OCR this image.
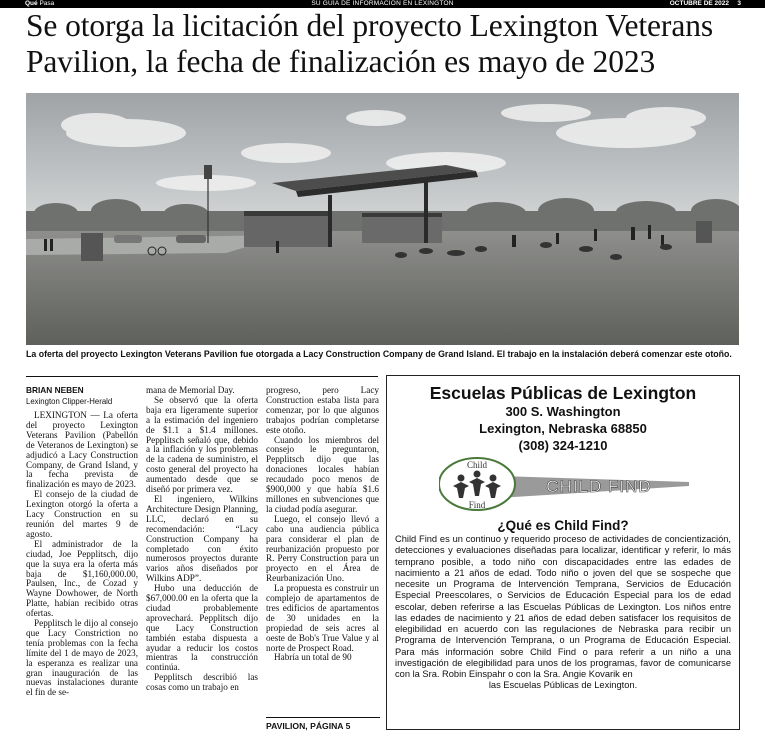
Qué Pasa	SU GUÍA DE INFORMACIÓN EN LEXINGTON	OCTUBRE DE 2022 3
Se otorga la licitación del proyecto Lexington Veterans
Pavilion, la fecha de finalización es mayo de 2023
La oferta del proyecto Lexington Veterans Pavilion fue otorgada a Lacy Construction Company de Grand Island. El trabajo en la instalación deberá comenzar este otoño.
BRIAN NEBEN
Lexington Clipper-Herald

LEXINGTON — La oferta del proyecto Lexington Veterans Pavilion (Pabellón de Veteranos de Lexington) se adjudicó a Lacy Construction Company, de Grand Island, y la fecha prevista de finalización es mayo de 2023.

El consejo de la ciudad de Lexington otorgó la oferta a Lacy Construction en su reunión del martes 9 de agosto.

El administrador de la ciudad, Joe Pepplitsch, dijo que la suya era la oferta más baja de $1,160,000.00, Paulsen, Inc., de Cozad y Wayne Dowhower, de North Platte, habían recibido otras ofertas.

Pepplitsch le dijo al consejo que Lacy Constriction no tenía problemas con la fecha límite del 1 de mayo de 2023, la esperanza es realizar una gran inauguración de las nuevas instalaciones durante el fin de se-

mana de Memorial Day.

Se observó que la oferta baja era ligeramente superior a la estimación del ingeniero de $1.1 a $1.4 millones. Pepplitsch señaló que, debido a la inflación y los problemas de la cadena de suministro, el costo general del proyecto ha aumentado desde que se diseñó por primera vez.

El ingeniero, Wilkins Architecture Design Planning, LLC, declaró en su recomendación: “Lacy Construction Company ha completado con éxito numerosos proyectos durante varios años diseñados por Wilkins ADP”.

Hubo una deducción de $67,000.00 en la oferta que la ciudad probablemente aprovechará. Pepplitsch dijo que Lacy Construction también estaba dispuesta a ayudar a reducir los costos mientras la construcción continúa.

Pepplitsch describió las cosas como un trabajo en

progreso, pero Lacy Construction estaba lista para comenzar, por lo que algunos trabajos podrían completarse este otoño.

Cuando los miembros del consejo le preguntaron, Pepplitsch dijo que las donaciones locales habían recaudado poco menos de $900,000 y que había $1.6 millones en subvenciones que la ciudad podía asegurar.

Luego, el consejo llevó a cabo una audiencia pública para considerar el plan de reurbanización propuesto por R. Perry Construction para un proyecto en el Área de Reurbanización Uno.

La propuesta es construir un complejo de apartamentos de tres edificios de apartamentos de 30 unidades en la propiedad de seis acres al oeste de Bob's True Value y al norte de Prospect Road.

Habría un total de 90

PAVILION, PÁGINA 5
Escuelas Públicas de Lexington
300 S. Washington
Lexington, Nebraska 68850
(308) 324-1210
Child
Find
CHILD FIND
¿Qué es Child Find?
Child Find es un continuo y requerido proceso de actividades de concientización, detecciones y evaluaciones diseñadas para localizar, identificar y referir, lo más temprano posible, a todo niño con discapacidades entre las edades de nacimiento a 21 años de edad. Todo niño o joven del que se sospeche que necesite un Programa de Intervención Temprana, Servicios de Educación Especial Preescolares, o Servicios de Educación Especial para los de edad escolar, deben referirse a las Escuelas Públicas de Lexington. Los niños entre las edades de nacimiento y 21 años de edad deben satisfacer los requisitos de elegibilidad en acuerdo con las regulaciones de Nebraska para recibir un Programa de Intervención Temprana, o un Programa de Educación Especial. Para más información sobre Child Find o para referir a un niño a una investigación de elegibilidad para unos de los programas, favor de comunicarse con la Sra. Robin Einspahr o con la Sra. Angie Kovarik en
las Escuelas Públicas de Lexington.
